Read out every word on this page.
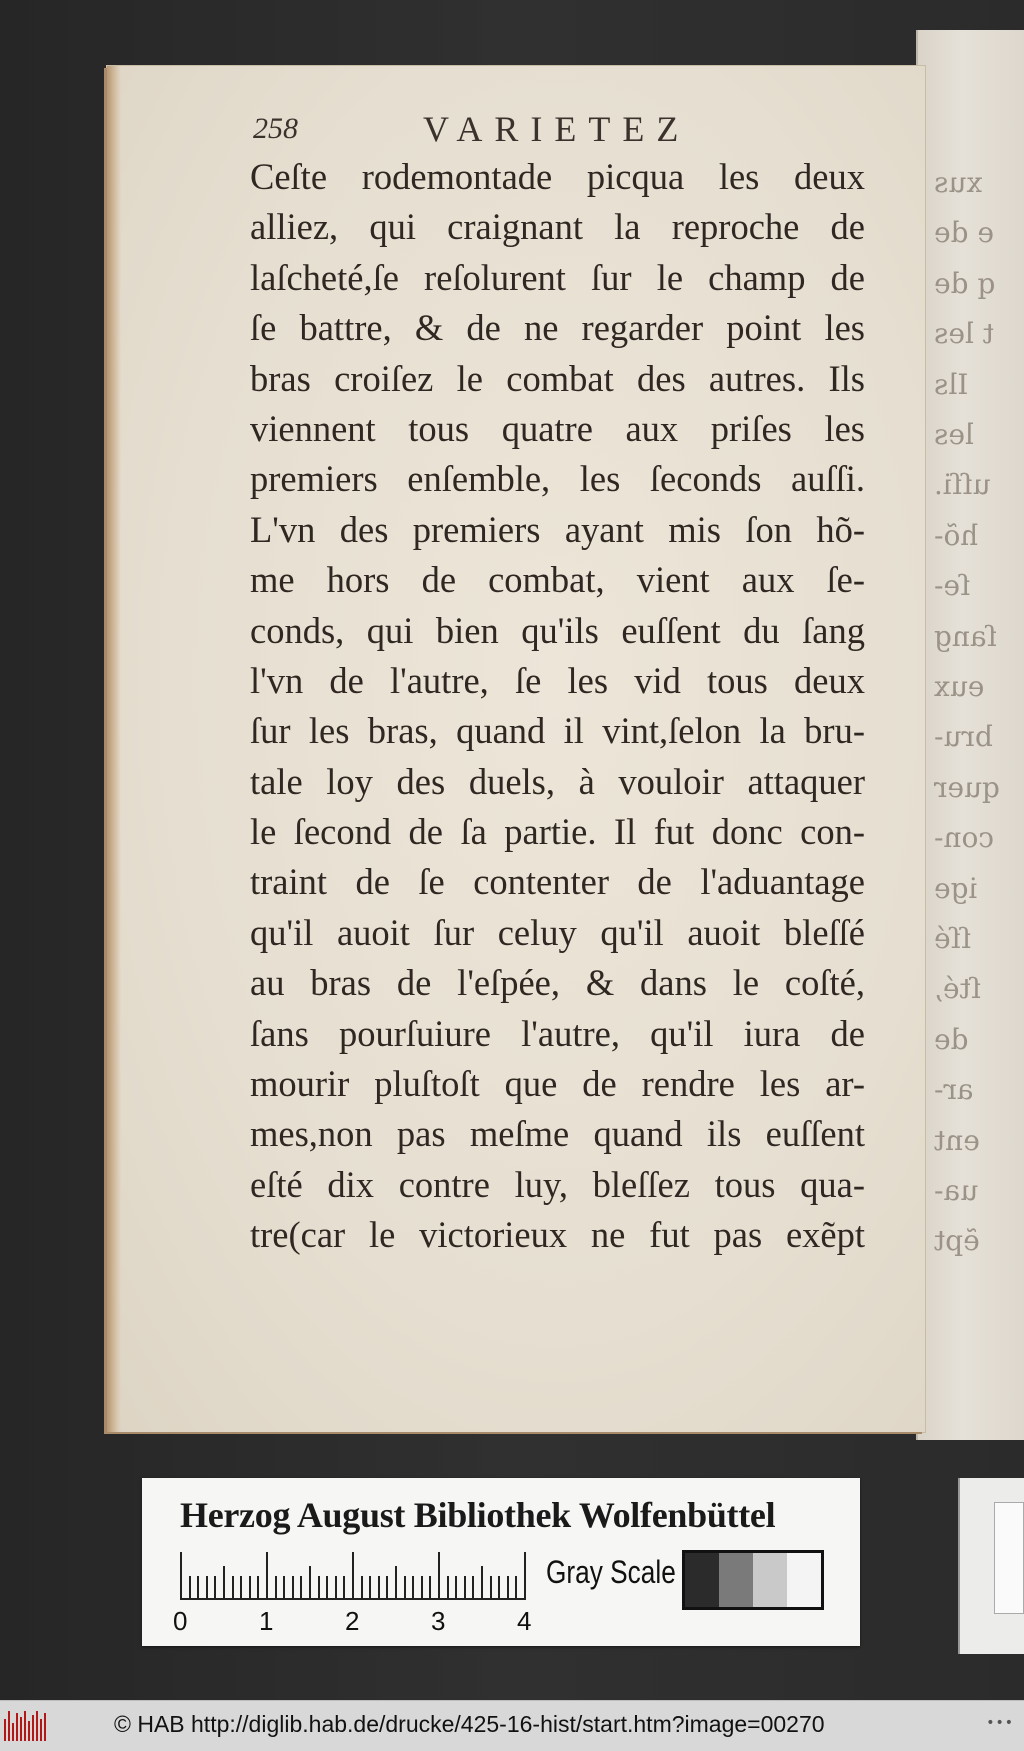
xus
e de
q de
t les
Ils
les
uſſi.
hõ-
ſe-
ſang
eux
bru-
quer
con-
ige
ſſé
ſté,
de
ar-
ent
ua-
ẽpt
258	VARIETEZ
Ceſte rodemontade picqua les deux
alliez, qui craignant la reproche de
laſcheté,ſe reſolurent ſur le champ de
ſe battre, & de ne regarder point les
bras croiſez le combat des autres. Ils
viennent tous quatre aux priſes les
premiers enſemble, les ſeconds auſſi.
L'vn des premiers ayant mis ſon hõ-
me hors de combat, vient aux ſe-
conds, qui bien qu'ils euſſent du ſang
l'vn de l'autre, ſe les vid tous deux
ſur les bras, quand il vint,ſelon la bru-
tale loy des duels, à vouloir attaquer
le ſecond de ſa partie. Il fut donc con-
traint de ſe contenter de l'aduantage
qu'il auoit ſur celuy qu'il auoit bleſſé
au bras de l'eſpée, & dans le coſté,
ſans pourſuiure l'autre, qu'il iura de
mourir pluſtoſt que de rendre les ar-
mes,non pas meſme quand ils euſſent
eſté dix contre luy, bleſſez tous qua-
tre(car le victorieux ne fut pas exẽpt
Herzog August Bibliothek Wolfenbüttel
Gray Scale
0	1	2	3	4
© HAB http://diglib.hab.de/drucke/425-16-hist/start.htm?image=00270	•••
